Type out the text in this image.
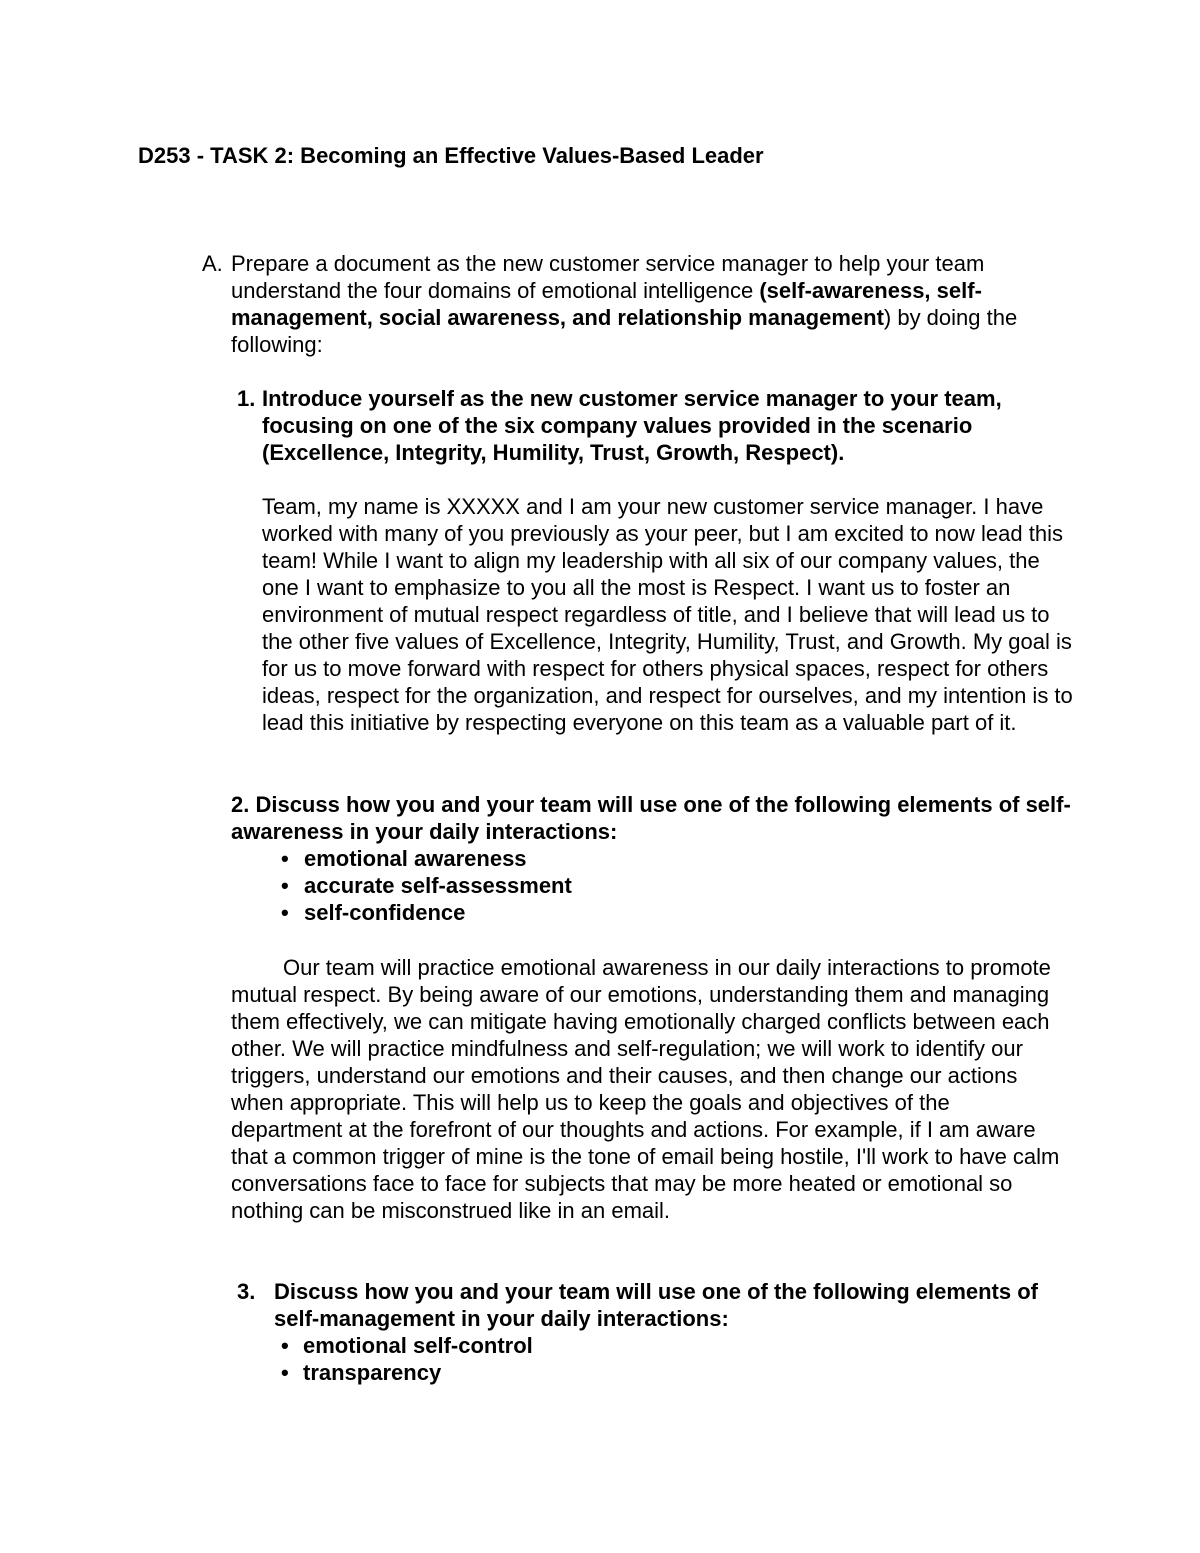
D253 - TASK 2: Becoming an Effective Values-Based Leader
A. Prepare a document as the new customer service manager to help your team understand the four domains of emotional intelligence (self-awareness, self-management, social awareness, and relationship management) by doing the following:
1. Introduce yourself as the new customer service manager to your team, focusing on one of the six company values provided in the scenario (Excellence, Integrity, Humility, Trust, Growth, Respect).
Team, my name is XXXXX and I am your new customer service manager. I have worked with many of you previously as your peer, but I am excited to now lead this team! While I want to align my leadership with all six of our company values, the one I want to emphasize to you all the most is Respect. I want us to foster an environment of mutual respect regardless of title, and I believe that will lead us to the other five values of Excellence, Integrity, Humility, Trust, and Growth. My goal is for us to move forward with respect for others physical spaces, respect for others ideas, respect for the organization, and respect for ourselves, and my intention is to lead this initiative by respecting everyone on this team as a valuable part of it.
2. Discuss how you and your team will use one of the following elements of self-awareness in your daily interactions:
• emotional awareness
• accurate self-assessment
• self-confidence
Our team will practice emotional awareness in our daily interactions to promote mutual respect. By being aware of our emotions, understanding them and managing them effectively, we can mitigate having emotionally charged conflicts between each other. We will practice mindfulness and self-regulation; we will work to identify our triggers, understand our emotions and their causes, and then change our actions when appropriate. This will help us to keep the goals and objectives of the department at the forefront of our thoughts and actions. For example, if I am aware that a common trigger of mine is the tone of email being hostile, I'll work to have calm conversations face to face for subjects that may be more heated or emotional so nothing can be misconstrued like in an email.
3. Discuss how you and your team will use one of the following elements of self-management in your daily interactions:
• emotional self-control
• transparency
